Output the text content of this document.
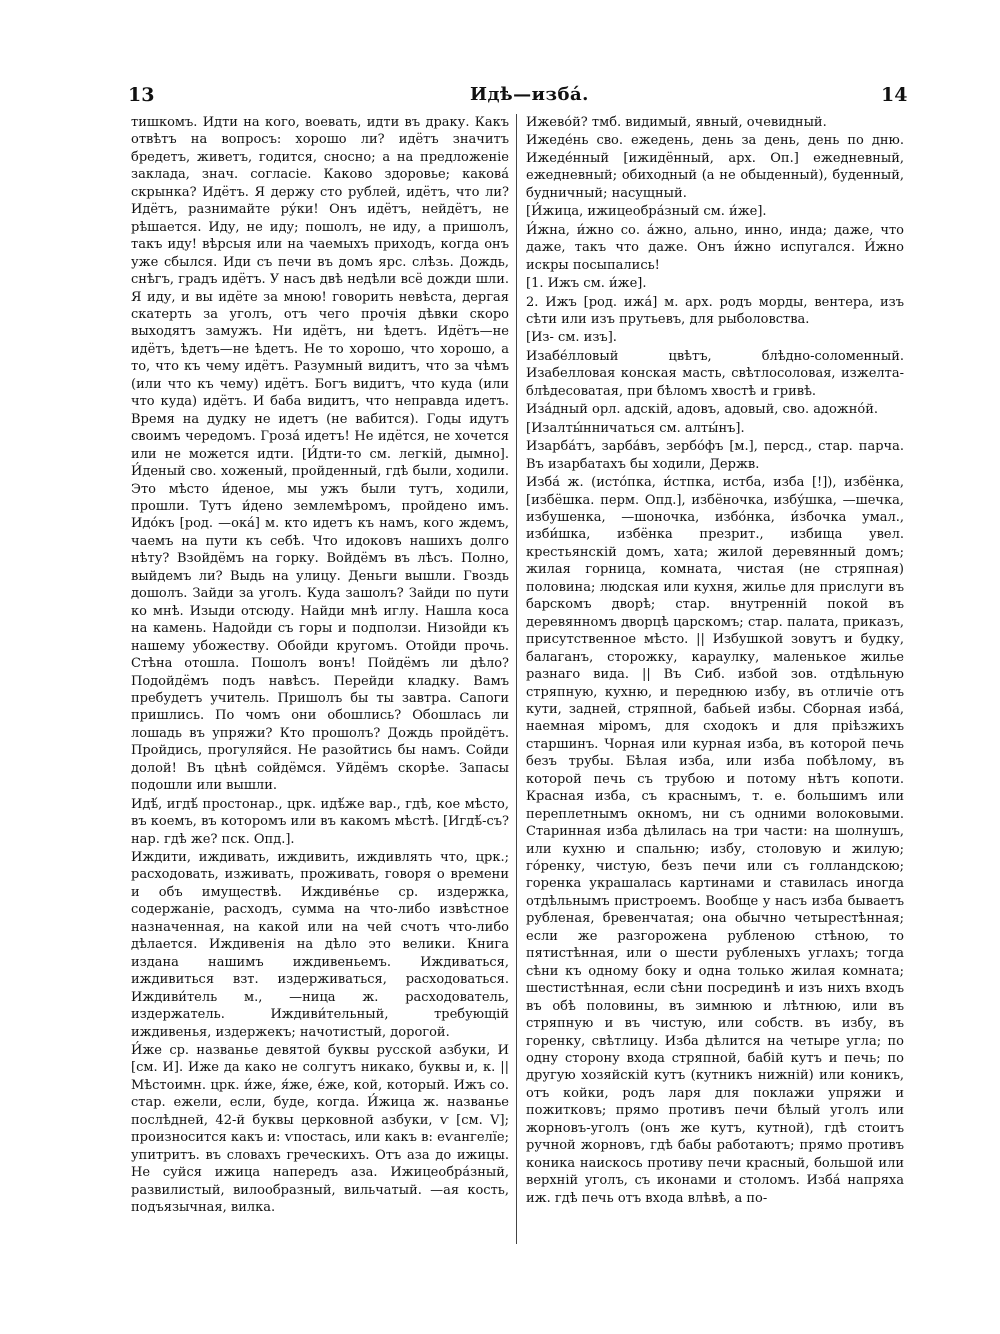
13	Идѣ—изба́.	14

тишкомъ. Идти на кого, воевать, идти въ драку. Какъ отвѣтъ на вопросъ: хорошо ли? идётъ значитъ бредетъ, живетъ, годится, сносно; а на предложеніе заклада, знач. согласіе. Каково здоровье; каковá скрынка? Идётъ. Я держу сто рублей, идётъ, что ли? Идётъ, разнимайте ру́ки! Онъ идётъ, нейдётъ, не рѣшается. Иду, не иду; пошолъ, не иду, а пришолъ, такъ иду! вѣрсыя или на чаемыхъ приходъ, когда онъ уже сбылся. Иди съ печи въ домъ ярс. слѣзь. Дождь, снѣгъ, градъ идётъ. У насъ двѣ недѣли всё дожди шли. Я иду, и вы идёте за мною! говорить невѣста, дергая скатерть за уголъ, отъ чего прочія дѣвки скоро выходятъ замужъ. Ни идётъ, ни ѣдетъ. Идётъ—не идётъ, ѣдетъ—не ѣдетъ. Не то хорошо, что хорошо, а то, что къ чему идётъ. Разумный видитъ, что за чѣмъ (или что къ чему) идётъ. Богъ видитъ, что куда (или что куда) идётъ. И баба видитъ, что неправда идетъ. Время на дудку не идетъ (не вабится). Годы идутъ своимъ чередомъ. Грозá идетъ! Не идётся, не хочется или не можется идти. [И́дти-то см. легкій, дымно]. И́деный сво. хоженый, пройденный, гдѣ были, ходили. Это мѣсто и́деное, мы ужъ были тутъ, ходили, прошли. Тутъ и́дено землемѣромъ, пройдено имъ. Идо́къ [род. —окá] м. кто идетъ къ намъ, кого ждемъ, чаемъ на пути къ себѣ. Что идоковъ нашихъ долго нѣту? Взойдёмъ на горку. Войдёмъ въ лѣсъ. Полно, выйдемъ ли? Выдь на улицу. Деньги вышли. Гвоздь дошолъ. Зайди за уголъ. Куда зашолъ? Зайди по пути ко мнѣ. Изыди отсюду. Найди мнѣ иглу. Нашла коса на камень. Надойди съ горы и подползи. Низойди къ нашему убожеству. Обойди кругомъ. Отойди прочь. Стѣна отошла. Пошолъ вонъ! Пойдёмъ ли дѣло? Подойдёмъ подъ навѣсъ. Перейди кладку. Вамъ пребудетъ учитель. Пришолъ бы ты завтра. Сапоги пришлись. По чомъ они обошлись? Обошлась ли лошадь въ упряжи? Кто прошолъ? Дождь пройдётъ. Пройдись, прогуляйся. Не разойтись бы намъ. Сойди долой! Въ цѣнѣ сойдёмся. Уйдёмъ скорѣе. Запасы подошли или вышли.

Идѣ́, игдѣ́ простонар., црк. идѣ́же вар., гдѣ, кое мѣсто, въ коемъ, въ которомъ или въ какомъ мѣстѣ. [Игдѣ́-съ? нар. гдѣ же? пск. Опд.].

Иждити, иждивать, иждивить, иждивлять что, црк.; расходовать, изживать, проживать, говоря о времени и объ имуществѣ. Иждивéнье ср. издержка, содержаніе, расходъ, сумма на что-либо извѣстное назначенная, на какой или на чей счотъ что-либо дѣлается. Иждивенія на дѣло это велики. Книга издана нашимъ иждивеньемъ. Иждиваться, иждивиться взт. издерживаться, расходоваться. Иждиви́тель м., —ница ж. расходователь, издержатель. Иждиви́тельный, требующій иждивенья, издержекъ; начотистый, дорогой.

И́же ср. названье девятой буквы русской азбуки, И [см. И]. Иже да како не солгутъ никако, буквы и, к. || Мѣстоимн. црк. и́же, я́же, е́же, кой, который. Ижъ со. стар. ежели, если, буде, когда. И́жица ж. названье послѣдней, 42-й буквы церковной азбуки, ѵ [см. V]; произносится какъ и: ѵпостась, или какъ в: еѵангелїе; упитритъ. въ словахъ греческихъ. Отъ аза до ижицы. Не суйся ижица напередъ аза. Ижицеобра́зный, развилистый, вилообразный, вильчатый. —ая кость, подъязычная, вилка.

Ижево́й? тмб. видимый, явный, очевидный.

Ижеде́нь сво. ежедень, день за день, день по дню. Ижеде́нный [ижидённый, арх. Оп.] ежедневный, ежедневный; обиходный (а не обыденный), буденный, будничный; насущный.

[И́жица, ижицеобра́зный см. и́же].

И́жна, и́жно со. а́жно, ально, инно, инда; даже, что даже, такъ что даже. Онъ и́жно испугался. И́жно искры посыпались!

[1. Ижъ см. и́же].

2. Ижъ [род. ижá] м. арх. родъ морды, вентера, изъ сѣти или изъ прутьевъ, для рыболовства.

[Из- см. изъ].

Изабе́лловый цвѣтъ, блѣдно-соломенный. Изабелловая конская масть, свѣтлосоловая, изжелта-блѣдесоватая, при бѣломъ хвостѣ и гривѣ.

Иза́дный орл. адскій, адовъ, адовый, сво. адожнóй.

[Изалты́нничаться см. алты́нъ].

Изарба́тъ, зарба́въ, зербо́фъ [м.], персд., стар. парча. Въ изарбатахъ бы ходили, Держв.

Изба́ ж. (исто́пка, и́стпка, истба, изба [!]), избёнка, [избёшка. перм. Опд.], избёночка, избу́шка, —шечка, избушенка, —шоночка, избо́нка, и́збочка умал., изби́шка, избёнка презрит., избища увел. крестьянскій домъ, хата; жилой деревянный домъ; жилая горница, комната, чистая (не стряпная) половина; людская или кухня, жилье для прислуги въ барскомъ дворѣ; стар. внутренній покой въ деревянномъ дворцѣ царскомъ; стар. палата, приказъ, присутственное мѣсто. || Избушкой зовутъ и будку, балаганъ, сторожку, караулку, маленькое жилье разнаго вида. || Въ Сиб. избой зов. отдѣльную стряпную, кухню, и переднюю избу, въ отличіе отъ кути, задней, стряпной, бабьей избы. Сборная изба́, наемная міромъ, для сходокъ и для пріѣзжихъ старшинъ. Чорная или курная изба, въ которой печь безъ трубы. Бѣлая изба, или изба побѣлому, въ которой печь съ трубою и потому нѣтъ копоти. Красная изба, съ краснымъ, т. е. большимъ или переплетнымъ окномъ, ни съ одними волоковыми. Старинная изба дѣлилась на три части: на шолнушъ, или кухню и спальню; избу, столовую и жилую; го́ренку, чистую, безъ печи или съ голландскою; горенка украшалась картинами и ставилась иногда отдѣльнымъ пристроемъ. Вообще у насъ изба бываетъ рубленая, бревенчатая; она обычно четырестѣнная; если же разгорожена рубленою стѣною, то пятистѣнная, или о шести рубленыхъ углахъ; тогда сѣни къ одному боку и одна только жилая комната; шестистѣнная, если сѣни посрединѣ и изъ нихъ входъ въ обѣ половины, въ зимнюю и лѣтнюю, или въ стряпную и въ чистую, или собств. въ избу, въ горенку, свѣтлицу. Изба дѣлится на четыре угла; по одну сторону входа стряпной, бабій кутъ и печь; по другую хозяйскій кутъ (кутникъ нижній) или коникъ, отъ койки, родъ ларя для поклажи упряжи и пожитковъ; прямо противъ печи бѣлый уголъ или жорновъ-уголъ (онъ же кутъ, кутной), гдѣ стоитъ ручной жорновъ, гдѣ бабы работаютъ; прямо противъ коника наискось противу печи красный, большой или верхній уголъ, съ иконами и столомъ. Изба́ напряха иж. гдѣ печь отъ входа влѣвѣ, а по-
